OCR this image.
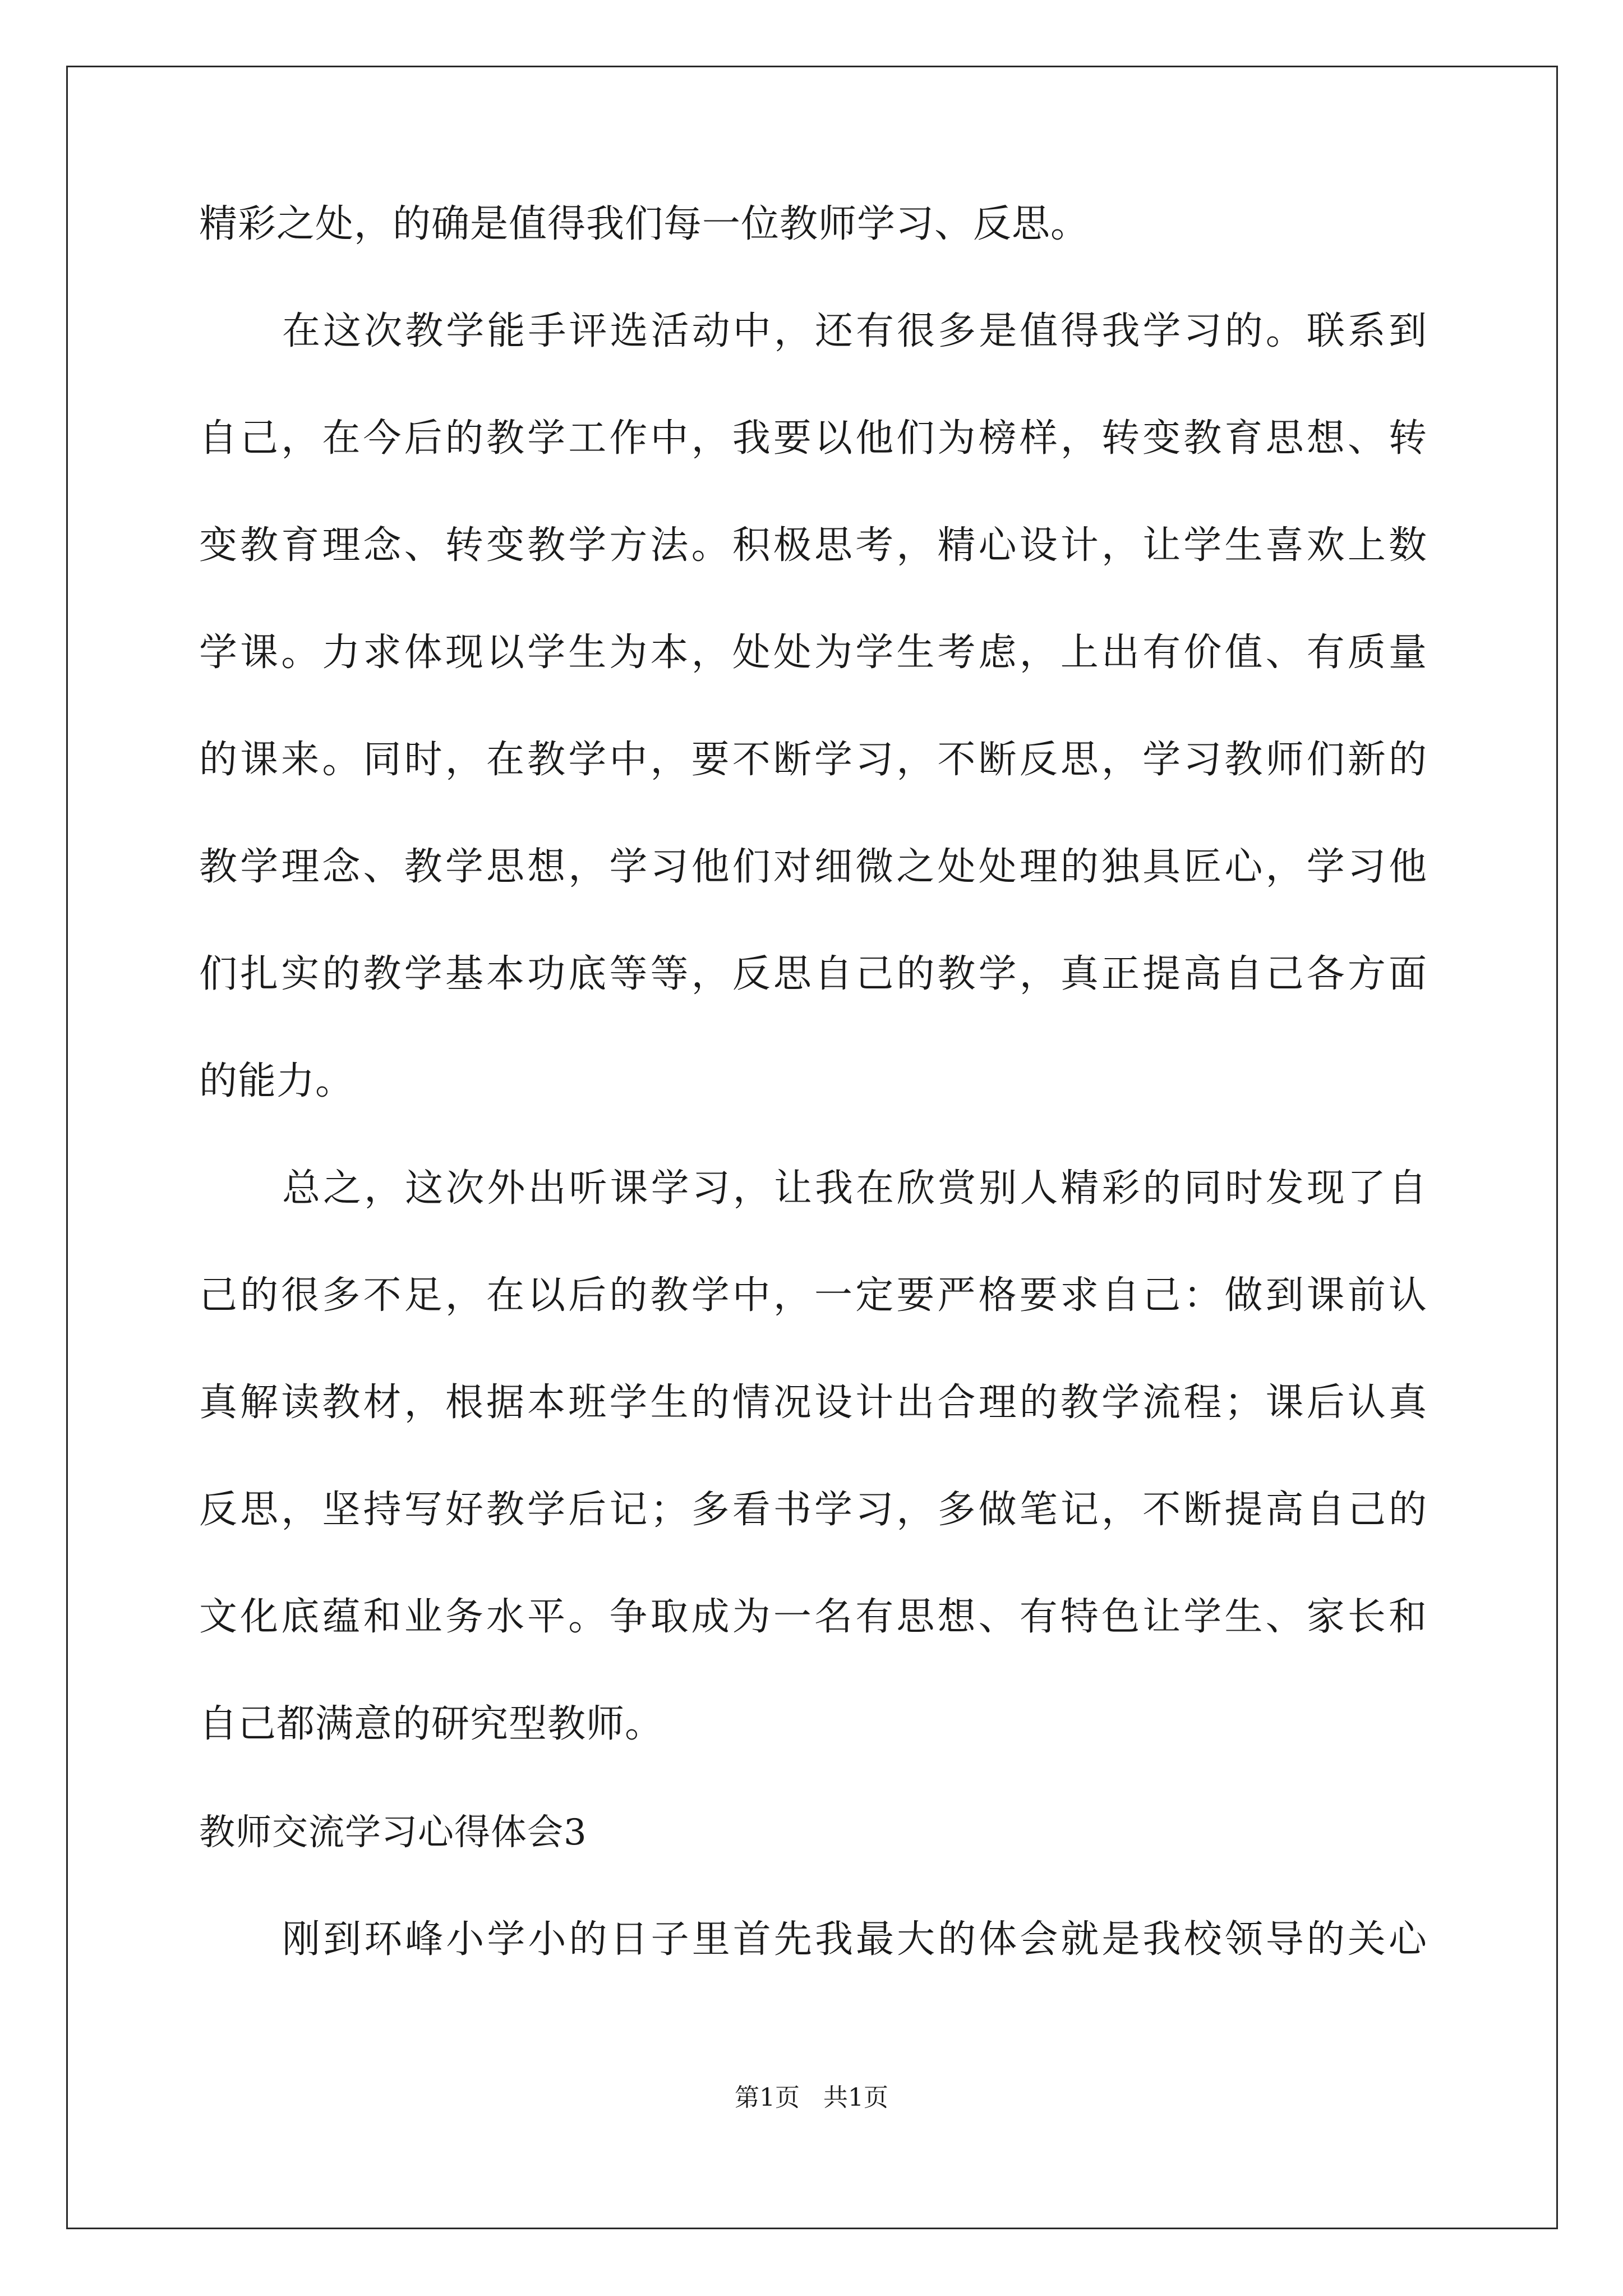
精彩之处，的确是值得我们每一位教师学习、反思。
在这次教学能手评选活动中，还有很多是值得我学习的。联系到
自己，在今后的教学工作中，我要以他们为榜样，转变教育思想、转
变教育理念、转变教学方法。积极思考，精心设计，让学生喜欢上数
学课。力求体现以学生为本，处处为学生考虑，上出有价值、有质量
的课来。同时，在教学中，要不断学习，不断反思，学习教师们新的
教学理念、教学思想，学习他们对细微之处处理的独具匠心，学习他
们扎实的教学基本功底等等，反思自己的教学，真正提高自己各方面
的能力。
总之，这次外出听课学习，让我在欣赏别人精彩的同时发现了自
己的很多不足，在以后的教学中，一定要严格要求自己：做到课前认
真解读教材，根据本班学生的情况设计出合理的教学流程；课后认真
反思，坚持写好教学后记；多看书学习，多做笔记，不断提高自己的
文化底蕴和业务水平。争取成为一名有思想、有特色让学生、家长和
自己都满意的研究型教师。
教师交流学习心得体会3
刚到环峰小学小的日子里首先我最大的体会就是我校领导的关心
第1页   共1页
